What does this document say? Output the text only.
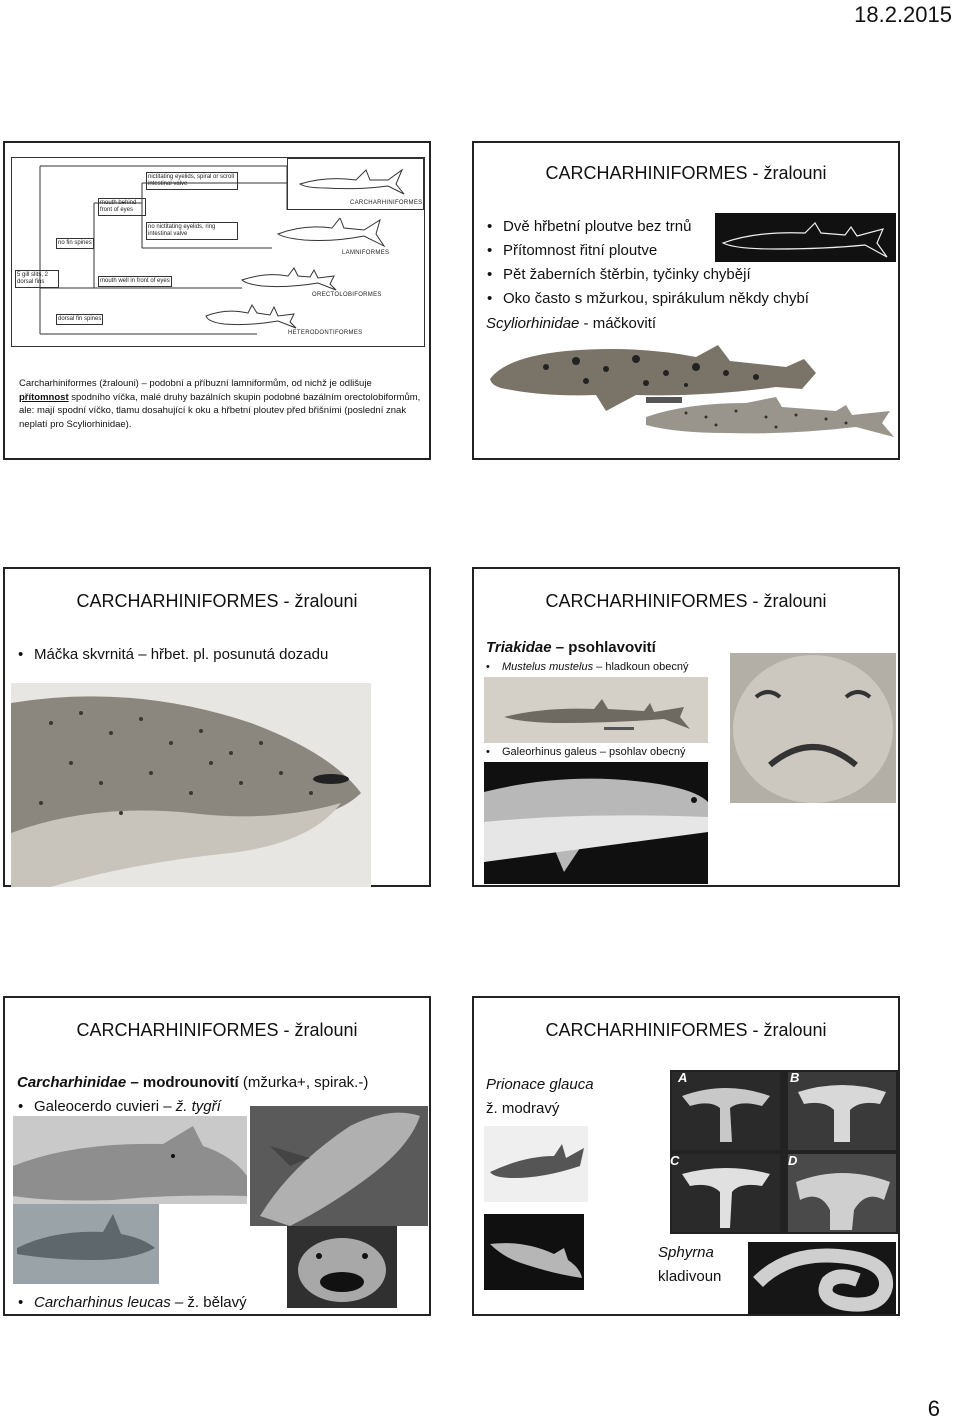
18.2.2015
5 gill slits, 2 dorsal fins
no fin spines
dorsal fin spines
mouth behind front of eyes
mouth well in front of eyes
nictitating eyelids, spiral or scroll intestinal valve
no nictitating eyelids, ring intestinal valve
CARCHARHINIFORMES
LAMNIFORMES
ORECTOLOBIFORMES
HETERODONTIFORMES
Carcharhiniformes (žralouni) – podobní a příbuzní lamniformům, od nichž je odlišuje přítomnost spodního víčka, malé druhy bazálních skupin podobné bazálním orectolobiformům, ale: mají spodní víčko, tlamu dosahující k oku a hřbetní ploutev před břišními (poslední znak neplatí pro Scyliorhinidae).
CARCHARHINIFORMES - žralouni
• Dvě hřbetní ploutve bez trnů
• Přítomnost řitní ploutve
• Pět žaberních štěrbin, tyčinky chybějí
• Oko často s mžurkou, spirákulum někdy chybí
Scyliorhinidae - máčkovití
CARCHARHINIFORMES - žralouni
• Máčka skvrnitá – hřbet. pl. posunutá dozadu
CARCHARHINIFORMES - žralouni
Triakidae – psohlavovití
• Mustelus mustelus – hladkoun obecný
• Galeorhinus galeus – psohlav obecný
CARCHARHINIFORMES - žralouni
Carcharhinidae – modrounovití (mžurka+, spirak.-)
• Galeocerdo cuvieri – ž. tygří
• Carcharhinus leucas – ž. bělavý
CARCHARHINIFORMES - žralouni
Prionace glauca
ž. modravý
A	B
C	D
Sphyrna
kladivoun
6
